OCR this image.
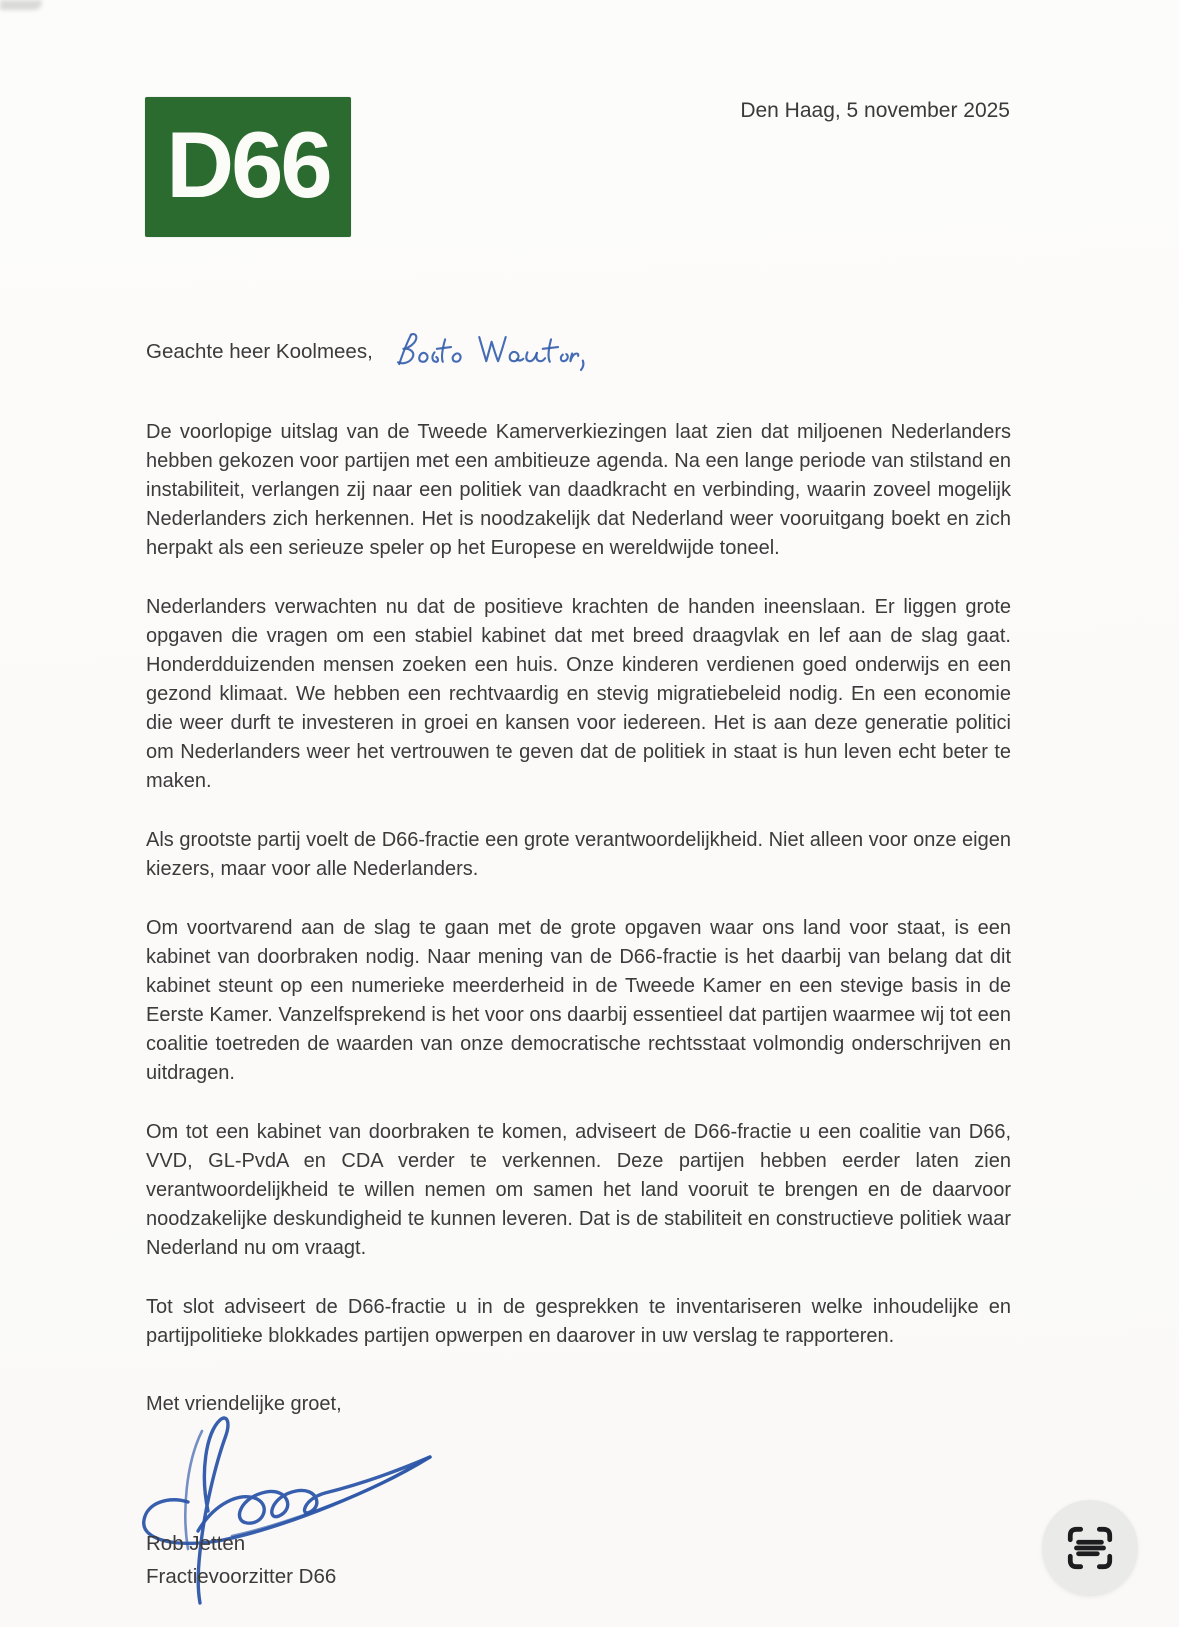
D66
Den Haag, 5 november 2025
Geachte heer Koolmees,

De voorlopige uitslag van de Tweede Kamerverkiezingen laat zien dat miljoenen Nederlanders hebben gekozen voor partijen met een ambitieuze agenda. Na een lange periode van stilstand en instabiliteit, verlangen zij naar een politiek van daadkracht en verbinding, waarin zoveel mogelijk Nederlanders zich herkennen. Het is noodzakelijk dat Nederland weer vooruitgang boekt en zich herpakt als een serieuze speler op het Europese en wereldwijde toneel.

Nederlanders verwachten nu dat de positieve krachten de handen ineenslaan. Er liggen grote opgaven die vragen om een stabiel kabinet dat met breed draagvlak en lef aan de slag gaat. Honderdduizenden mensen zoeken een huis. Onze kinderen verdienen goed onderwijs en een gezond klimaat. We hebben een rechtvaardig en stevig migratiebeleid nodig. En een economie die weer durft te investeren in groei en kansen voor iedereen. Het is aan deze generatie politici om Nederlanders weer het vertrouwen te geven dat de politiek in staat is hun leven echt beter te maken.

Als grootste partij voelt de D66-fractie een grote verantwoordelijkheid. Niet alleen voor onze eigen kiezers, maar voor alle Nederlanders.

Om voortvarend aan de slag te gaan met de grote opgaven waar ons land voor staat, is een kabinet van doorbraken nodig. Naar mening van de D66-fractie is het daarbij van belang dat dit kabinet steunt op een numerieke meerderheid in de Tweede Kamer en een stevige basis in de Eerste Kamer. Vanzelfsprekend is het voor ons daarbij essentieel dat partijen waarmee wij tot een coalitie toetreden de waarden van onze democratische rechtsstaat volmondig onderschrijven en uitdragen.

Om tot een kabinet van doorbraken te komen, adviseert de D66-fractie u een coalitie van D66, VVD, GL-PvdA en CDA verder te verkennen. Deze partijen hebben eerder laten zien verantwoordelijkheid te willen nemen om samen het land vooruit te brengen en de daarvoor noodzakelijke deskundigheid te kunnen leveren. Dat is de stabiliteit en constructieve politiek waar Nederland nu om vraagt.

Tot slot adviseert de D66-fractie u in de gesprekken te inventariseren welke inhoudelijke en partijpolitieke blokkades partijen opwerpen en daarover in uw verslag te rapporteren.

Met vriendelijke groet,
Rob Jetten
Fractievoorzitter D66
